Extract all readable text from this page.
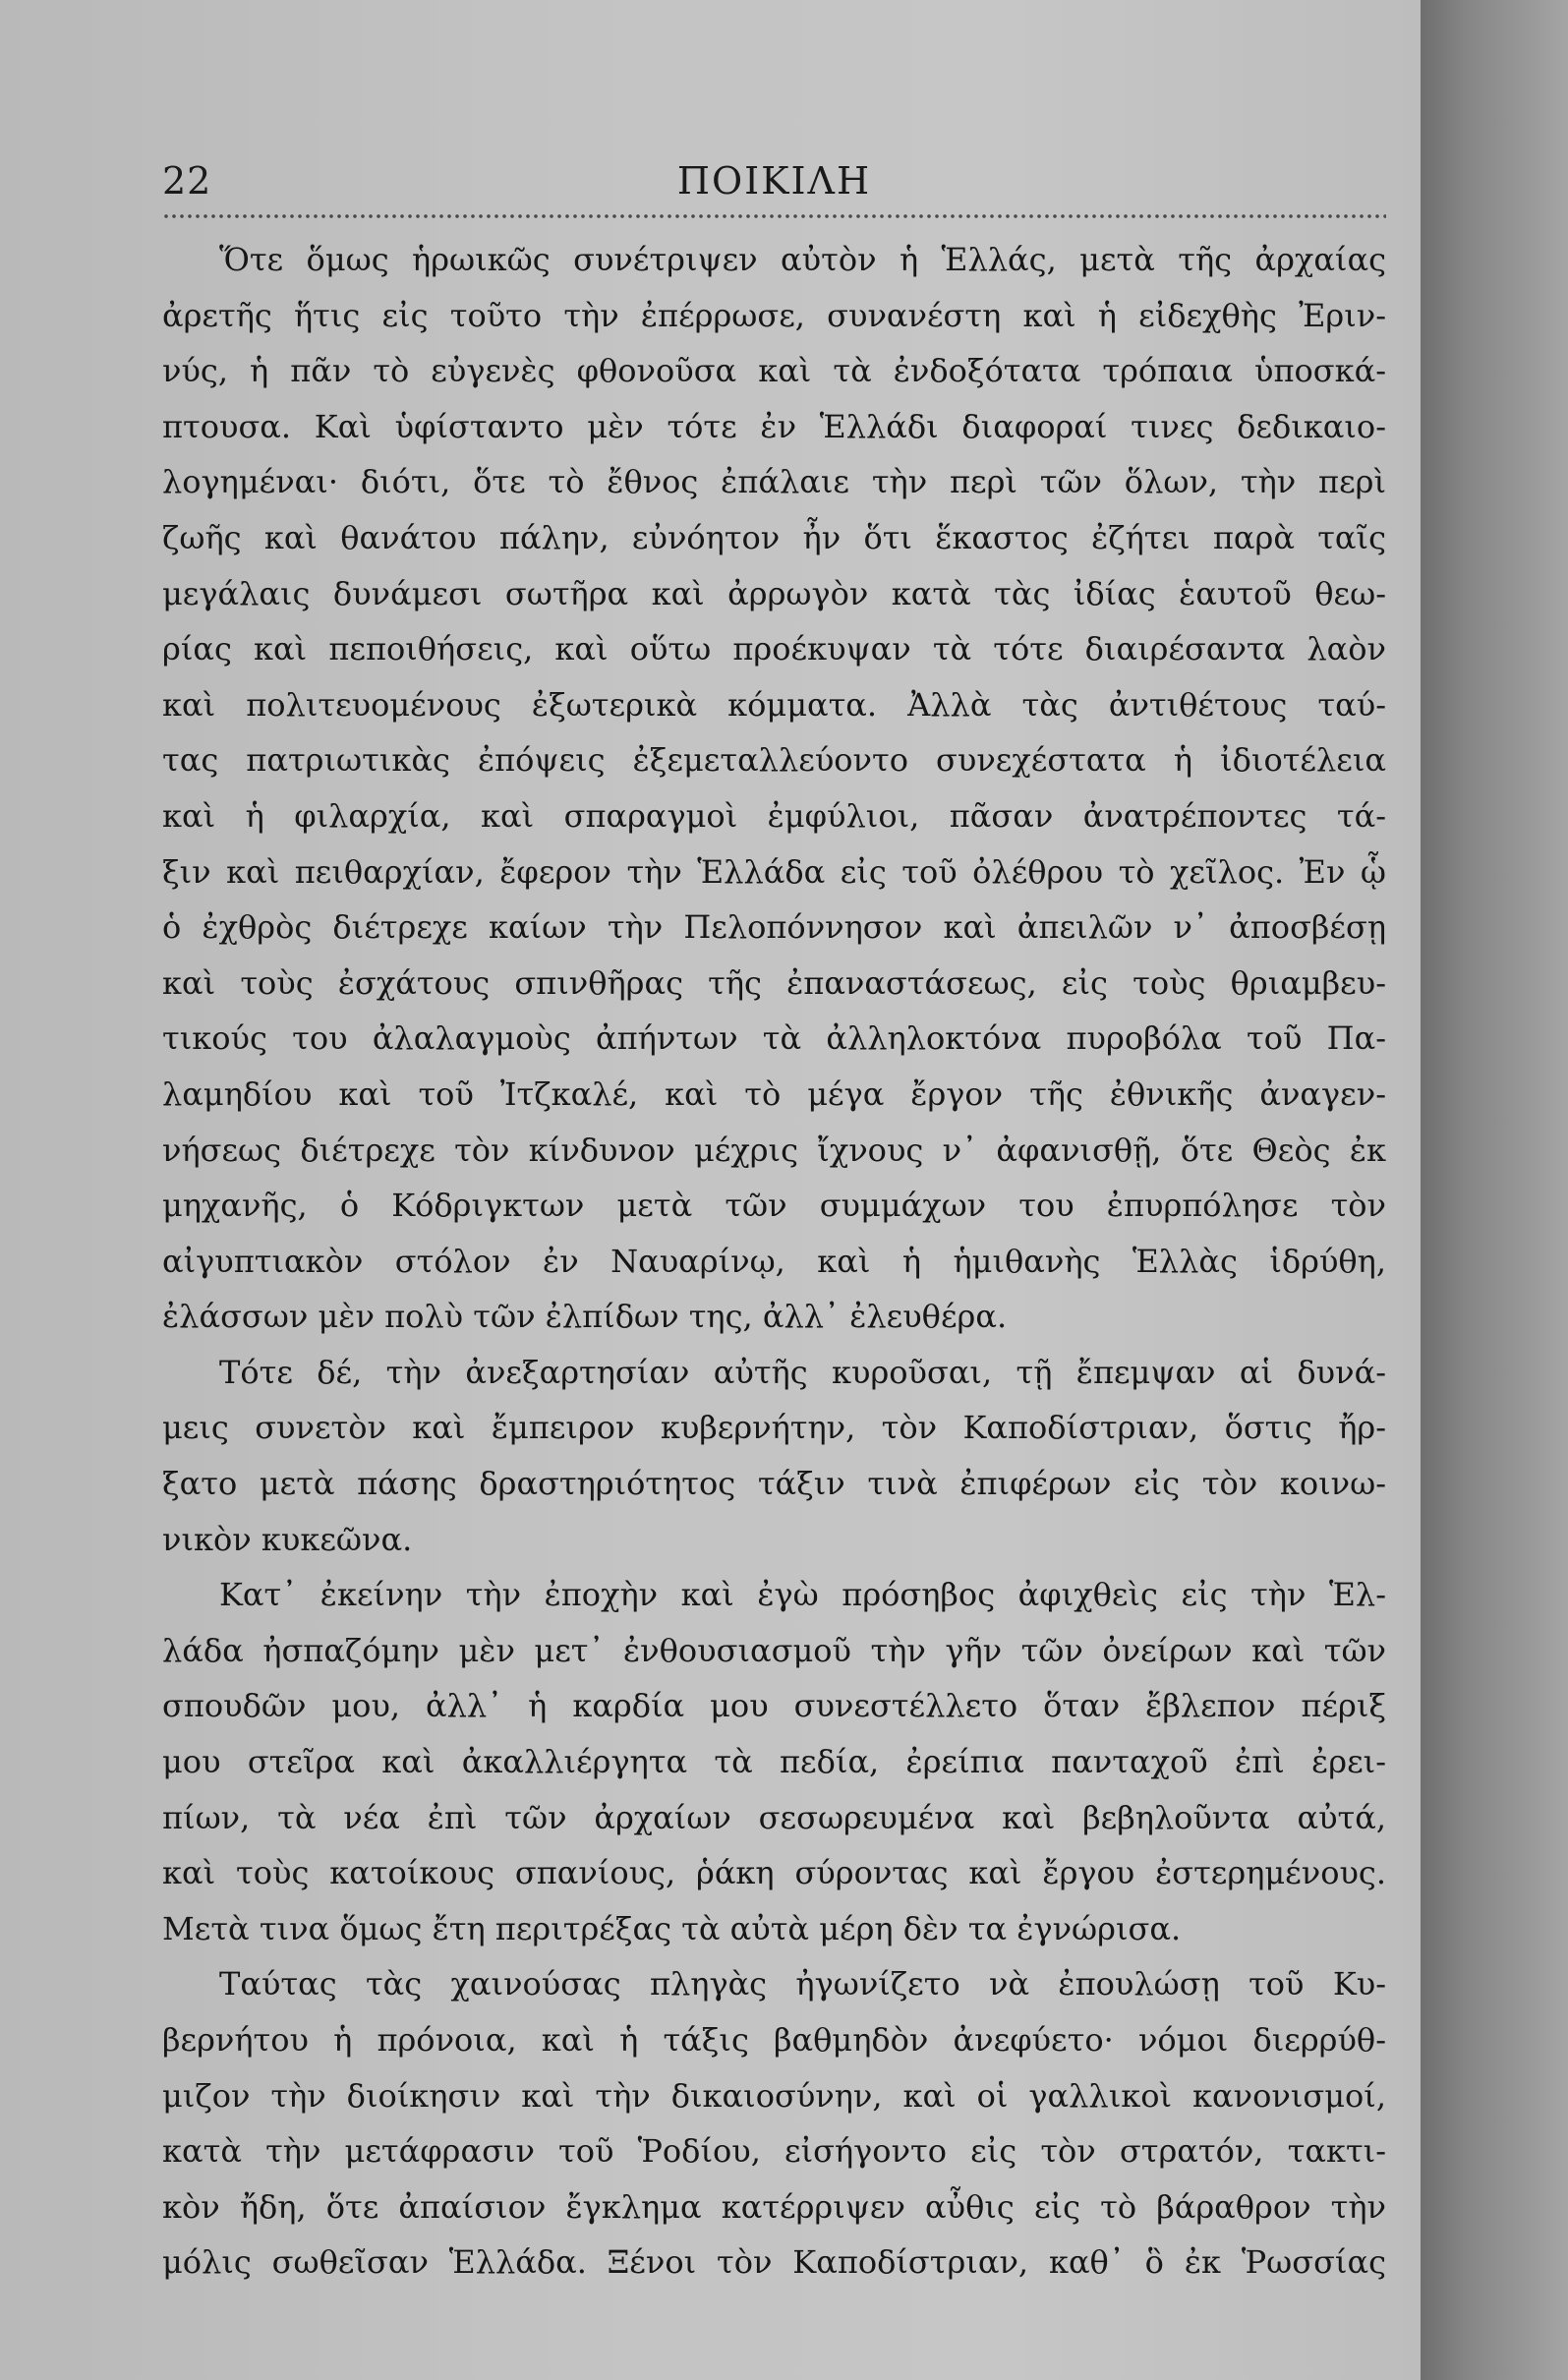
22	ΠΟΙΚΙΛΗ
Ὅτε ὅμως ἡρωικῶς συνέτριψεν αὐτὸν ἡ Ἑλλάς, μετὰ τῆς ἀρχαίας
ἀρετῆς ἥτις εἰς τοῦτο τὴν ἐπέρρωσε, συνανέστη καὶ ἡ εἰδεχθὴς Ἐριν-
νύς, ἡ πᾶν τὸ εὐγενὲς φθονοῦσα καὶ τὰ ἐνδοξότατα τρόπαια ὑποσκά-
πτουσα. Καὶ ὑφίσταντο μὲν τότε ἐν Ἑλλάδι διαφοραί τινες δεδικαιο-
λογημέναι· διότι, ὅτε τὸ ἔθνος ἐπάλαιε τὴν περὶ τῶν ὅλων, τὴν περὶ
ζωῆς καὶ θανάτου πάλην, εὐνόητον ἦν ὅτι ἕκαστος ἐζήτει παρὰ ταῖς
μεγάλαις δυνάμεσι σωτῆρα καὶ ἀρρωγὸν κατὰ τὰς ἰδίας ἑαυτοῦ θεω-
ρίας καὶ πεποιθήσεις, καὶ οὕτω προέκυψαν τὰ τότε διαιρέσαντα λαὸν
καὶ πολιτευομένους ἐξωτερικὰ κόμματα. Ἀλλὰ τὰς ἀντιθέτους ταύ-
τας πατριωτικὰς ἐπόψεις ἐξεμεταλλεύοντο συνεχέστατα ἡ ἰδιοτέλεια
καὶ ἡ φιλαρχία, καὶ σπαραγμοὶ ἐμφύλιοι, πᾶσαν ἀνατρέποντες τά-
ξιν καὶ πειθαρχίαν, ἔφερον τὴν Ἑλλάδα εἰς τοῦ ὀλέθρου τὸ χεῖλος. Ἐν ᾧ
ὁ ἐχθρὸς διέτρεχε καίων τὴν Πελοπόννησον καὶ ἀπειλῶν ν᾽ ἀποσβέσῃ
καὶ τοὺς ἐσχάτους σπινθῆρας τῆς ἐπαναστάσεως, εἰς τοὺς θριαμβευ-
τικούς του ἀλαλαγμοὺς ἀπήντων τὰ ἀλληλοκτόνα πυροβόλα τοῦ Πα-
λαμηδίου καὶ τοῦ Ἰτζκαλέ, καὶ τὸ μέγα ἔργον τῆς ἐθνικῆς ἀναγεν-
νήσεως διέτρεχε τὸν κίνδυνον μέχρις ἴχνους ν᾽ ἀφανισθῇ, ὅτε Θεὸς ἐκ
μηχανῆς, ὁ Κόδριγκτων μετὰ τῶν συμμάχων του ἐπυρπόλησε τὸν
αἰγυπτιακὸν στόλον ἐν Ναυαρίνῳ, καὶ ἡ ἡμιθανὴς Ἑλλὰς ἱδρύθη,
ἐλάσσων μὲν πολὺ τῶν ἐλπίδων της, ἀλλ᾽ ἐλευθέρα.
Τότε δέ, τὴν ἀνεξαρτησίαν αὐτῆς κυροῦσαι, τῇ ἔπεμψαν αἱ δυνά-
μεις συνετὸν καὶ ἔμπειρον κυβερνήτην, τὸν Καποδίστριαν, ὅστις ἤρ-
ξατο μετὰ πάσης δραστηριότητος τάξιν τινὰ ἐπιφέρων εἰς τὸν κοινω-
νικὸν κυκεῶνα.
Κατ᾽ ἐκείνην τὴν ἐποχὴν καὶ ἐγὼ πρόσηβος ἀφιχθεὶς εἰς τὴν Ἑλ-
λάδα ἠσπαζόμην μὲν μετ᾽ ἐνθουσιασμοῦ τὴν γῆν τῶν ὀνείρων καὶ τῶν
σπουδῶν μου, ἀλλ᾽ ἡ καρδία μου συνεστέλλετο ὅταν ἔβλεπον πέριξ
μου στεῖρα καὶ ἀκαλλιέργητα τὰ πεδία, ἐρείπια πανταχοῦ ἐπὶ ἐρει-
πίων, τὰ νέα ἐπὶ τῶν ἀρχαίων σεσωρευμένα καὶ βεβηλοῦντα αὐτά,
καὶ τοὺς κατοίκους σπανίους, ῥάκη σύροντας καὶ ἔργου ἐστερημένους.
Μετὰ τινα ὅμως ἔτη περιτρέξας τὰ αὐτὰ μέρη δὲν τα ἐγνώρισα.
Ταύτας τὰς χαινούσας πληγὰς ἠγωνίζετο νὰ ἐπουλώσῃ τοῦ Κυ-
βερνήτου ἡ πρόνοια, καὶ ἡ τάξις βαθμηδὸν ἀνεφύετο· νόμοι διερρύθ-
μιζον τὴν διοίκησιν καὶ τὴν δικαιοσύνην, καὶ οἱ γαλλικοὶ κανονισμοί,
κατὰ τὴν μετάφρασιν τοῦ Ῥοδίου, εἰσήγοντο εἰς τὸν στρατόν, τακτι-
κὸν ἤδη, ὅτε ἀπαίσιον ἔγκλημα κατέρριψεν αὖθις εἰς τὸ βάραθρον τὴν
μόλις σωθεῖσαν Ἑλλάδα. Ξένοι τὸν Καποδίστριαν, καθ᾽ ὃ ἐκ Ῥωσσίας
